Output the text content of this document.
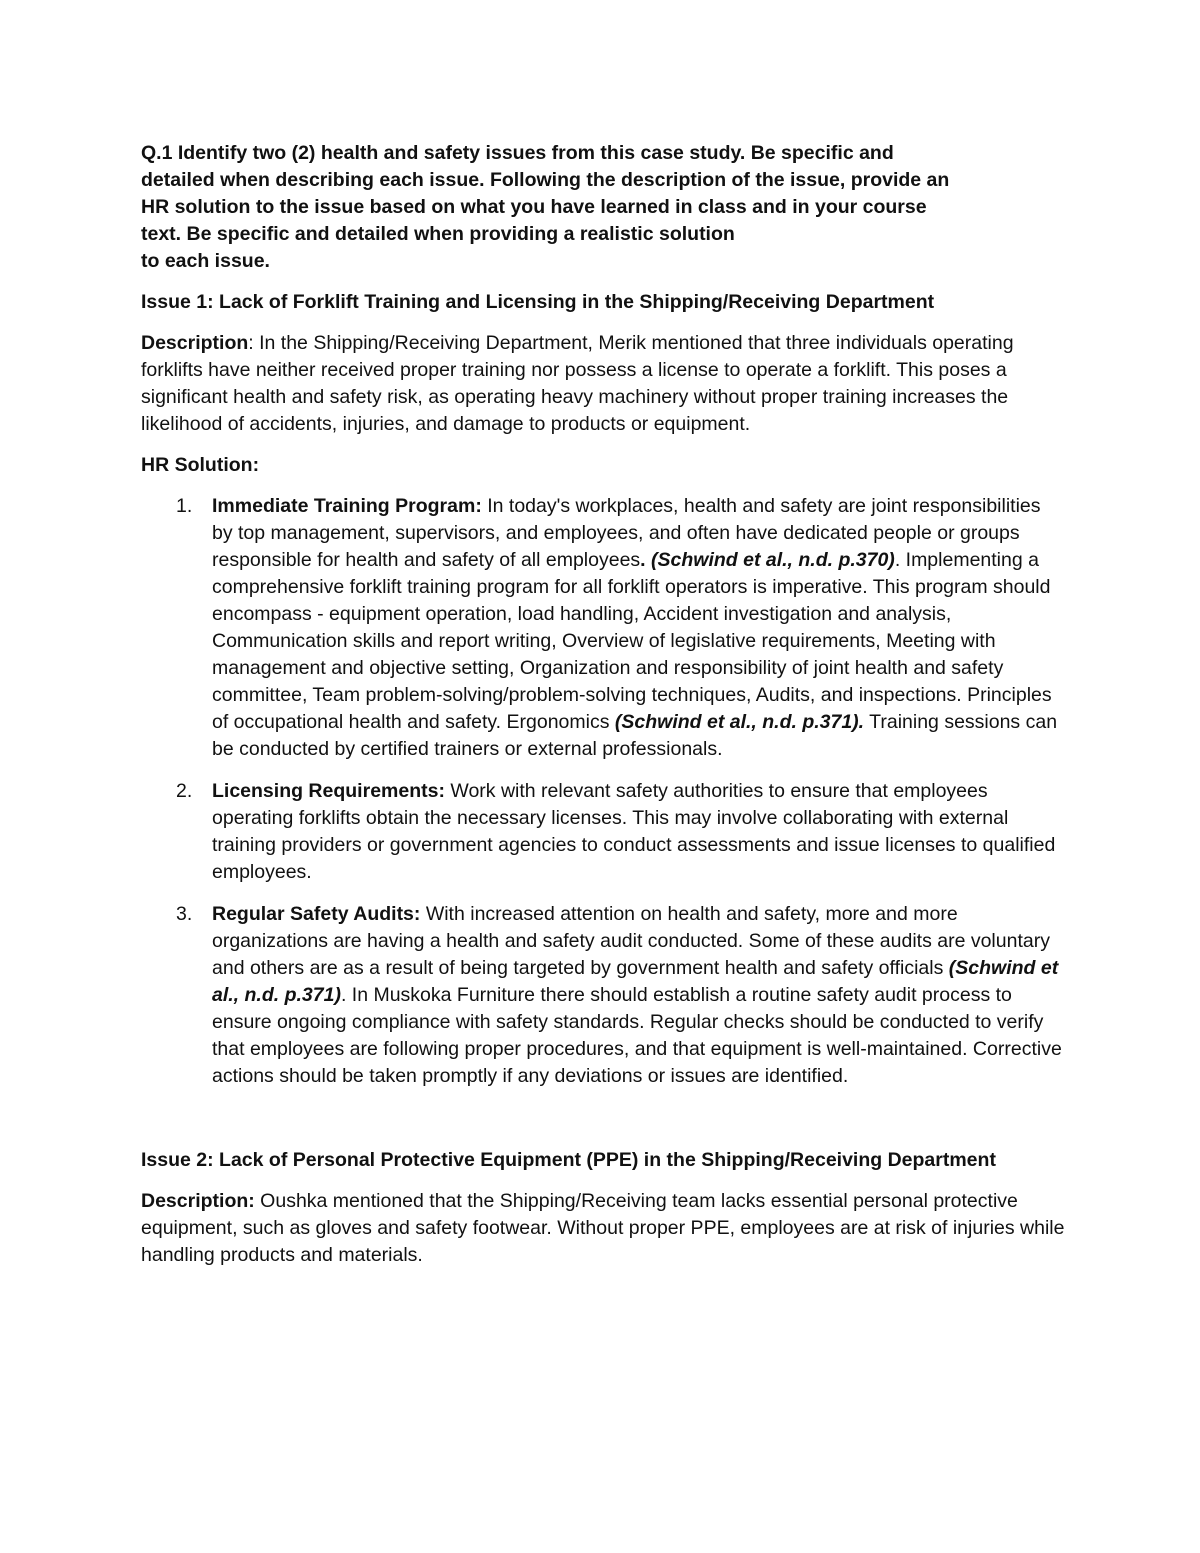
Q.1 Identify two (2) health and safety issues from this case study. Be specific and
detailed when describing each issue. Following the description of the issue, provide an
HR solution to the issue based on what you have learned in class and in your course
text. Be specific and detailed when providing a realistic solution
to each issue.

Issue 1: Lack of Forklift Training and Licensing in the Shipping/Receiving Department

Description: In the Shipping/Receiving Department, Merik mentioned that three individuals operating forklifts have neither received proper training nor possess a license to operate a forklift. This poses a significant health and safety risk, as operating heavy machinery without proper training increases the likelihood of accidents, injuries, and damage to products or equipment.

HR Solution:

1. Immediate Training Program: In today's workplaces, health and safety are joint responsibilities by top management, supervisors, and employees, and often have dedicated people or groups responsible for health and safety of all employees. (Schwind et al., n.d. p.370). Implementing a comprehensive forklift training program for all forklift operators is imperative. This program should encompass - equipment operation, load handling, Accident investigation and analysis, Communication skills and report writing, Overview of legislative requirements, Meeting with management and objective setting, Organization and responsibility of joint health and safety committee, Team problem-solving/problem-solving techniques, Audits, and inspections. Principles of occupational health and safety. Ergonomics (Schwind et al., n.d. p.371). Training sessions can be conducted by certified trainers or external professionals.
2. Licensing Requirements: Work with relevant safety authorities to ensure that employees operating forklifts obtain the necessary licenses. This may involve collaborating with external training providers or government agencies to conduct assessments and issue licenses to qualified employees.
3. Regular Safety Audits: With increased attention on health and safety, more and more organizations are having a health and safety audit conducted. Some of these audits are voluntary and others are as a result of being targeted by government health and safety officials (Schwind et al., n.d. p.371). In Muskoka Furniture there should establish a routine safety audit process to ensure ongoing compliance with safety standards. Regular checks should be conducted to verify that employees are following proper procedures, and that equipment is well-maintained. Corrective actions should be taken promptly if any deviations or issues are identified.

Issue 2: Lack of Personal Protective Equipment (PPE) in the Shipping/Receiving Department

Description: Oushka mentioned that the Shipping/Receiving team lacks essential personal protective equipment, such as gloves and safety footwear. Without proper PPE, employees are at risk of injuries while handling products and materials.
